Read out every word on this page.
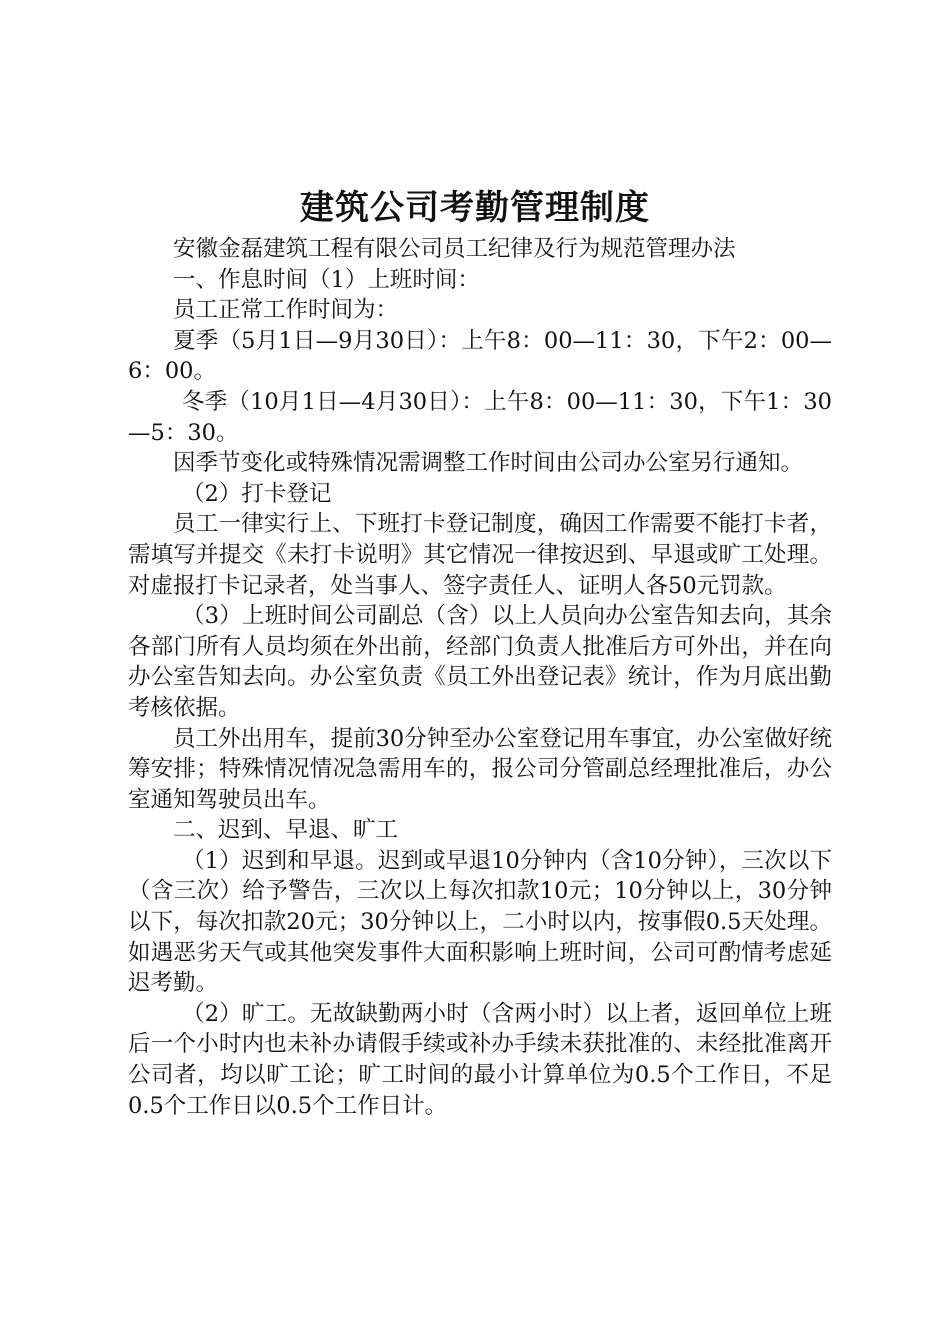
建筑公司考勤管理制度

安徽金磊建筑工程有限公司员工纪律及行为规范管理办法

一、作息时间（1）上班时间：

员工正常工作时间为：

夏季（5月1日—9月30日）：上午8：00—11：30，下午2：00—6：00。

冬季（10月1日—4月30日）：上午8：00—11：30，下午1：30—5：30。

因季节变化或特殊情况需调整工作时间由公司办公室另行通知。

（2）打卡登记

员工一律实行上、下班打卡登记制度，确因工作需要不能打卡者，需填写并提交《未打卡说明》其它情况一律按迟到、早退或旷工处理。对虚报打卡记录者，处当事人、签字责任人、证明人各50元罚款。

（3）上班时间公司副总（含）以上人员向办公室告知去向，其余各部门所有人员均须在外出前，经部门负责人批准后方可外出，并在向办公室告知去向。办公室负责《员工外出登记表》统计，作为月底出勤考核依据。

员工外出用车，提前30分钟至办公室登记用车事宜，办公室做好统筹安排；特殊情况情况急需用车的，报公司分管副总经理批准后，办公室通知驾驶员出车。

二、迟到、早退、旷工

（1）迟到和早退。迟到或早退10分钟内（含10分钟），三次以下（含三次）给予警告，三次以上每次扣款10元；10分钟以上，30分钟以下，每次扣款20元；30分钟以上，二小时以内，按事假0.5天处理。如遇恶劣天气或其他突发事件大面积影响上班时间，公司可酌情考虑延迟考勤。

（2）旷工。无故缺勤两小时（含两小时）以上者，返回单位上班后一个小时内也未补办请假手续或补办手续未获批准的、未经批准离开公司者，均以旷工论；旷工时间的最小计算单位为0.5个工作日，不足0.5个工作日以0.5个工作日计。
